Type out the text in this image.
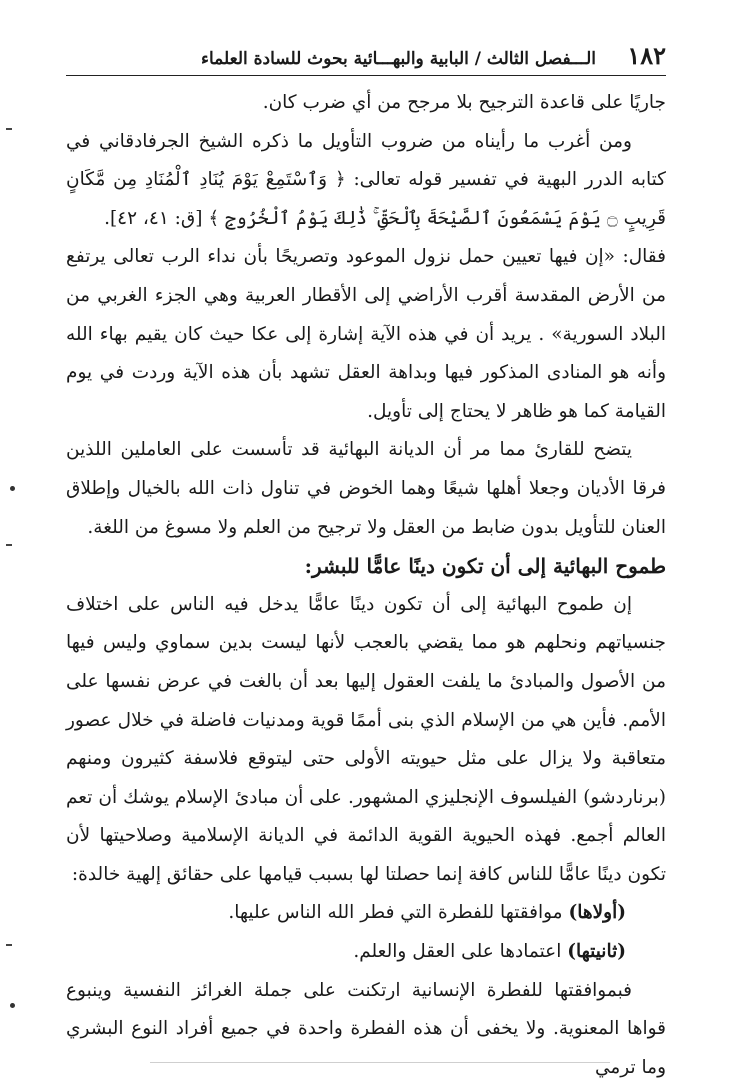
١٨٢
الـــفصل الثالث / البابية والبهـــائية بحوث للسادة العلماء

جاريًا على قاعدة الترجيح بلا مرجح من أي ضرب كان.

ومن أغرب ما رأيناه من ضروب التأويل ما ذكره الشيخ الجرفادقاني في كتابه الدرر البهية في تفسير قوله تعالى: ﴿ وَٱسْتَمِعْ يَوْمَ يُنَادِ ٱلْمُنَادِ مِن مَّكَانٍ قَرِيبٍ ۝ يَوْمَ يَسْمَعُونَ ٱلصَّيْحَةَ بِٱلْحَقِّ ۚ ذَٰلِكَ يَوْمُ ٱلْخُرُوجِ ﴾ [ق: ٤١، ٤٢].

فقال: «إن فيها تعيين حمل نزول الموعود وتصريحًا بأن نداء الرب تعالى يرتفع من الأرض المقدسة أقرب الأراضي إلى الأقطار العربية وهي الجزء الغربي من البلاد السورية» . يريد أن في هذه الآية إشارة إلى عكا حيث كان يقيم بهاء الله وأنه هو المنادى المذكور فيها وبداهة العقل تشهد بأن هذه الآية وردت في يوم القيامة كما هو ظاهر لا يحتاج إلى تأويل.

يتضح للقارئ مما مر أن الديانة البهائية قد تأسست على العاملين اللذين فرقا الأديان وجعلا أهلها شيعًا وهما الخوض في تناول ذات الله بالخيال وإطلاق العنان للتأويل بدون ضابط من العقل ولا ترجيح من العلم ولا مسوغ من اللغة.

طموح البهائية إلى أن تكون دينًا عامًّا للبشر:

إن طموح البهائية إلى أن تكون دينًا عامًّا يدخل فيه الناس على اختلاف جنسياتهم ونحلهم هو مما يقضي بالعجب لأنها ليست بدين سماوي وليس فيها من الأصول والمبادئ ما يلفت العقول إليها بعد أن بالغت في عرض نفسها على الأمم. فأين هي من الإسلام الذي بنى أممًا قوية ومدنيات فاضلة في خلال عصور متعاقبة ولا يزال على مثل حيويته الأولى حتى ليتوقع فلاسفة كثيرون ومنهم (برناردشو) الفيلسوف الإنجليزي المشهور. على أن مبادئ الإسلام يوشك أن تعم العالم أجمع. فهذه الحيوية القوية الدائمة في الديانة الإسلامية وصلاحيتها لأن تكون دينًا عامًّا للناس كافة إنما حصلتا لها بسبب قيامها على حقائق إلهية خالدة:

(أولاها) موافقتها للفطرة التي فطر الله الناس عليها.

(ثانيتها) اعتمادها على العقل والعلم.

فبموافقتها للفطرة الإنسانية ارتكنت على جملة الغرائز النفسية وينبوع قواها المعنوية. ولا يخفى أن هذه الفطرة واحدة في جميع أفراد النوع البشري وما ترمي
